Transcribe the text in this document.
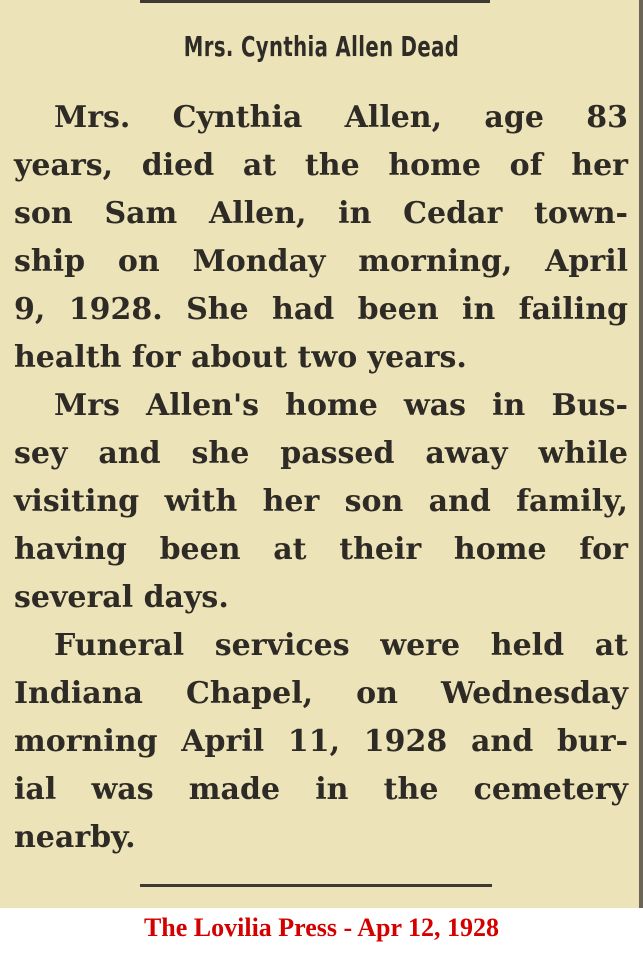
Mrs. Cynthia Allen Dead
Mrs. Cynthia Allen, age 83
years, died at the home of her
son Sam Allen, in Cedar town-
ship on Monday morning, April
9, 1928. She had been in failing
health for about two years.
Mrs Allen's home was in Bus-
sey and she passed away while
visiting with her son and family,
having been at their home for
several days.
Funeral services were held at
Indiana Chapel, on Wednesday
morning April 11, 1928 and bur-
ial was made in the cemetery
nearby.
The Lovilia Press - Apr 12, 1928
